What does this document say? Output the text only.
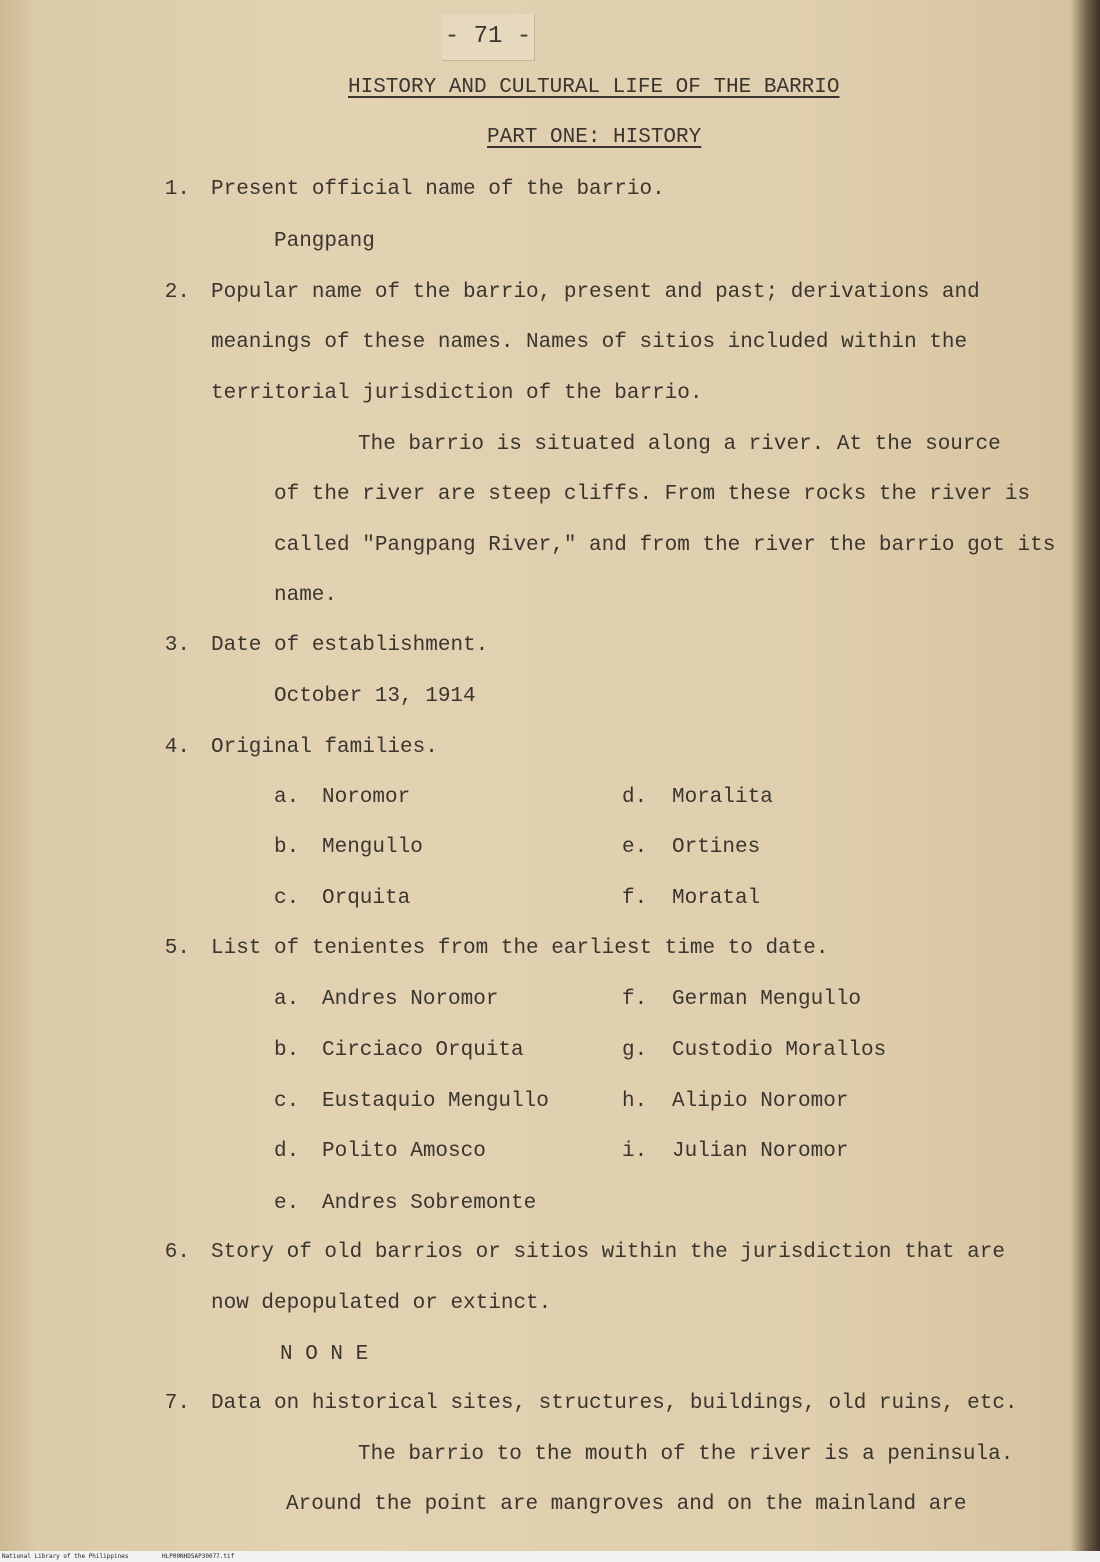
- 71 -
HISTORY AND CULTURAL LIFE OF THE BARRIO
PART ONE: HISTORY
1. Present official name of the barrio.
Pangpang
2. Popular name of the barrio, present and past; derivations and
meanings of these names. Names of sitios included within the
territorial jurisdiction of the barrio.
The barrio is situated along a river. At the source
of the river are steep cliffs. From these rocks the river is
called "Pangpang River," and from the river the barrio got its
name.
3. Date of establishment.
October 13, 1914
4. Original families.
a. Noromor
b. Mengullo
c. Orquita
d. Moralita
e. Ortines
f. Moratal
5. List of tenientes from the earliest time to date.
a. Andres Noromor
b. Circiaco Orquita
c. Eustaquio Mengullo
d. Polito Amosco
e. Andres Sobremonte
f. German Mengullo
g. Custodio Morallos
h. Alipio Noromor
i. Julian Noromor
6. Story of old barrios or sitios within the jurisdiction that are
now depopulated or extinct.
N O N E
7. Data on historical sites, structures, buildings, old ruins, etc.
The barrio to the mouth of the river is a peninsula.
Around the point are mangroves and on the mainland are
National Library of the Philippines	HLP00NHDSAP30077.tif
